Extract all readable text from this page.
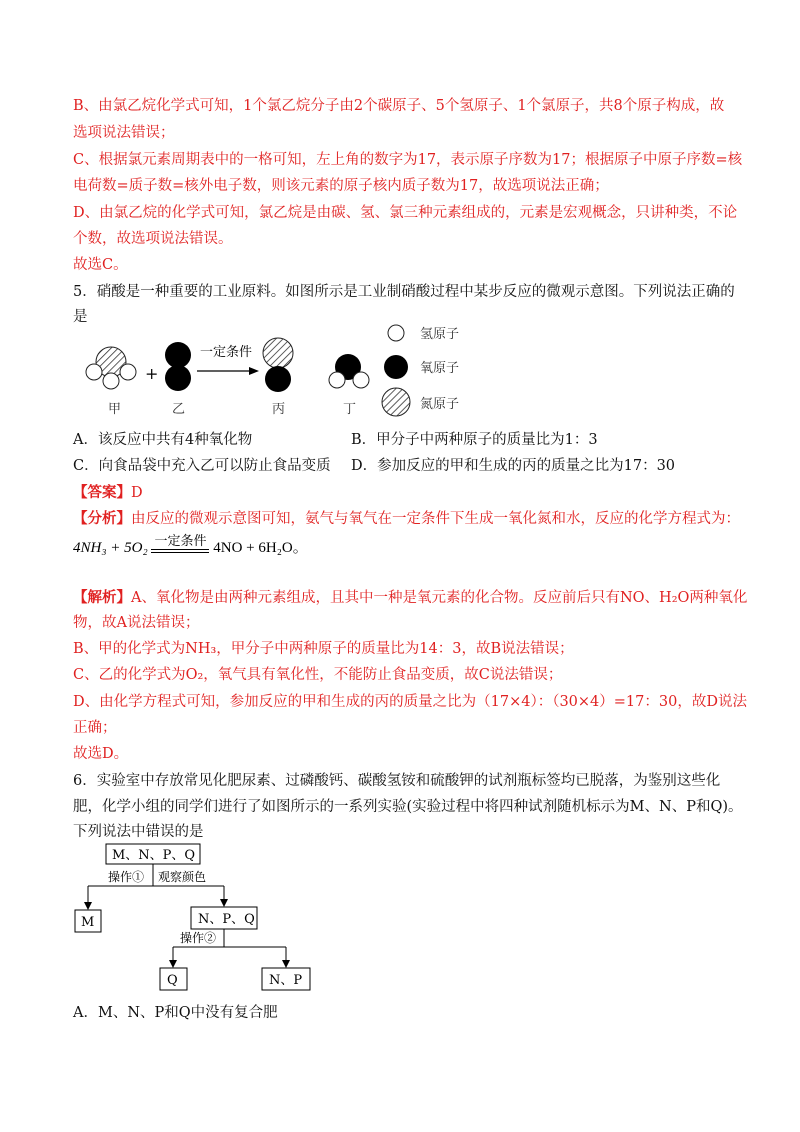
B、由氯乙烷化学式可知，1个氯乙烷分子由2个碳原子、5个氢原子、1个氯原子，共8个原子构成，故
选项说法错误；
C、根据氯元素周期表中的一格可知，左上角的数字为17，表示原子序数为17；根据原子中原子序数=核
电荷数=质子数=核外电子数，则该元素的原子核内质子数为17，故选项说法正确；
D、由氯乙烷的化学式可知，氯乙烷是由碳、氢、氯三种元素组成的，元素是宏观概念，只讲种类，不论
个数，故选项说法错误。
故选C。
5．硝酸是一种重要的工业原料。如图所示是工业制硝酸过程中某步反应的微观示意图。下列说法正确的
是
+
一定条件
甲	乙	丙	丁
氢原子
氧原子
氮原子
A．该反应中共有4种氧化物	B．甲分子中两种原子的质量比为1：3
C．向食品袋中充入乙可以防止食品变质 D．参加反应的甲和生成的丙的质量之比为17：30
【答案】D
【分析】由反应的微观示意图可知，氨气与氧气在一定条件下生成一氧化氮和水，反应的化学方程式为：
4NH₃ + 5O₂ 一定条件 4NO + 6H₂O。
【解析】A、氧化物是由两种元素组成，且其中一种是氧元素的化合物。反应前后只有NO、H₂O两种氧化
物，故A说法错误；
B、甲的化学式为NH₃，甲分子中两种原子的质量比为14：3，故B说法错误；
C、乙的化学式为O₂，氧气具有氧化性，不能防止食品变质，故C说法错误；
D、由化学方程式可知，参加反应的甲和生成的丙的质量之比为（17×4）：（30×4）=17：30，故D说法
正确；
故选D。
6．实验室中存放常见化肥尿素、过磷酸钙、碳酸氢铵和硫酸钾的试剂瓶标签均已脱落，为鉴别这些化
肥，化学小组的同学们进行了如图所示的一系列实验(实验过程中将四种试剂随机标示为M、N、P和Q)。
下列说法中错误的是
M、N、P、Q
操作① 观察颜色
M	N、P、Q
操作②
Q	N、P
A．M、N、P和Q中没有复合肥
